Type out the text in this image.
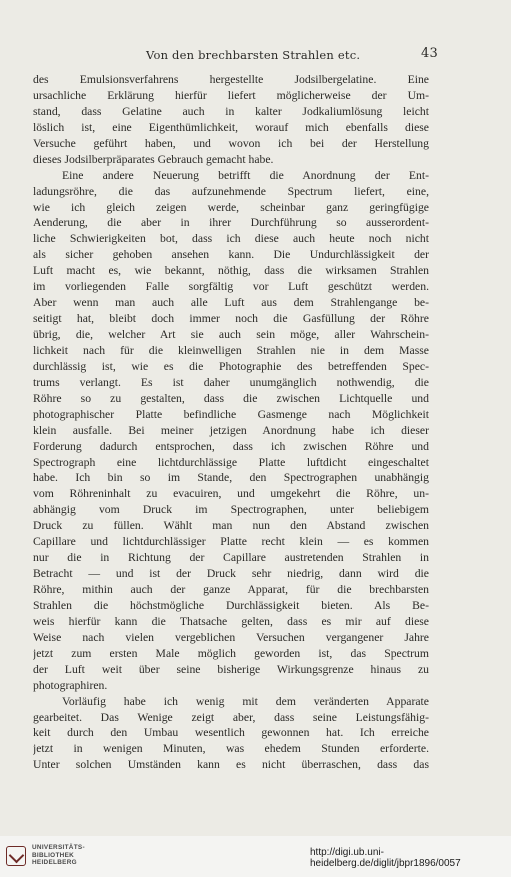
Von den brechbarsten Strahlen etc.	43
des Emulsionsverfahrens hergestellte Jodsilbergelatine. Eine
ursachliche Erklärung hierfür liefert möglicherweise der Um-
stand, dass Gelatine auch in kalter Jodkaliumlösung leicht
löslich ist, eine Eigenthümlichkeit, worauf mich ebenfalls diese
Versuche geführt haben, und wovon ich bei der Herstellung
dieses Jodsilberpräparates Gebrauch gemacht habe.
Eine andere Neuerung betrifft die Anordnung der Ent-
ladungsröhre, die das aufzunehmende Spectrum liefert, eine,
wie ich gleich zeigen werde, scheinbar ganz geringfügige
Aenderung, die aber in ihrer Durchführung so ausserordent-
liche Schwierigkeiten bot, dass ich diese auch heute noch nicht
als sicher gehoben ansehen kann. Die Undurchlässigkeit der
Luft macht es, wie bekannt, nöthig, dass die wirksamen Strahlen
im vorliegenden Falle sorgfältig vor Luft geschützt werden.
Aber wenn man auch alle Luft aus dem Strahlengange be-
seitigt hat, bleibt doch immer noch die Gasfüllung der Röhre
übrig, die, welcher Art sie auch sein möge, aller Wahrschein-
lichkeit nach für die kleinwelligen Strahlen nie in dem Masse
durchlässig ist, wie es die Photographie des betreffenden Spec-
trums verlangt. Es ist daher unumgänglich nothwendig, die
Röhre so zu gestalten, dass die zwischen Lichtquelle und
photographischer Platte befindliche Gasmenge nach Möglichkeit
klein ausfalle. Bei meiner jetzigen Anordnung habe ich dieser
Forderung dadurch entsprochen, dass ich zwischen Röhre und
Spectrograph eine lichtdurchlässige Platte luftdicht eingeschaltet
habe. Ich bin so im Stande, den Spectrographen unabhängig
vom Röhreninhalt zu evacuiren, und umgekehrt die Röhre, un-
abhängig vom Druck im Spectrographen, unter beliebigem
Druck zu füllen. Wählt man nun den Abstand zwischen
Capillare und lichtdurchlässiger Platte recht klein — es kommen
nur die in Richtung der Capillare austretenden Strahlen in
Betracht — und ist der Druck sehr niedrig, dann wird die
Röhre, mithin auch der ganze Apparat, für die brechbarsten
Strahlen die höchstmögliche Durchlässigkeit bieten. Als Be-
weis hierfür kann die Thatsache gelten, dass es mir auf diese
Weise nach vielen vergeblichen Versuchen vergangener Jahre
jetzt zum ersten Male möglich geworden ist, das Spectrum
der Luft weit über seine bisherige Wirkungsgrenze hinaus zu
photographiren.
Vorläufig habe ich wenig mit dem veränderten Apparate
gearbeitet. Das Wenige zeigt aber, dass seine Leistungsfähig-
keit durch den Umbau wesentlich gewonnen hat. Ich erreiche
jetzt in wenigen Minuten, was ehedem Stunden erforderte.
Unter solchen Umständen kann es nicht überraschen, dass das
UNIVERSITÄTS-
BIBLIOTHEK
HEIDELBERG
http://digi.ub.uni-heidelberg.de/diglit/jbpr1896/0057
